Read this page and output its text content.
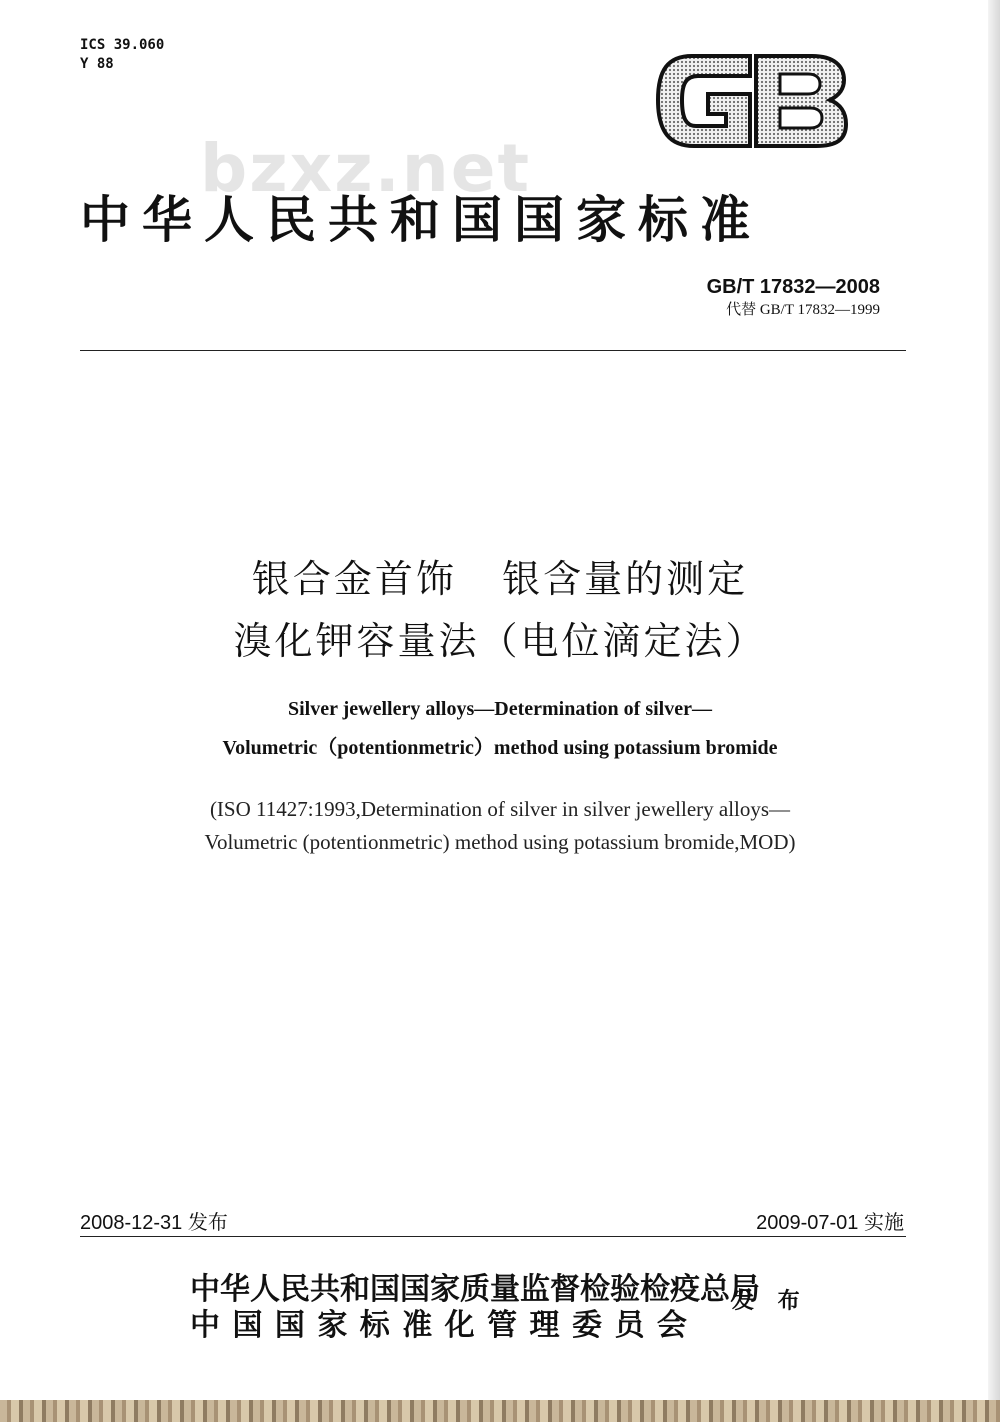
ICS 39.060
Y 88
GB
bzxz.net
中华人民共和国国家标准
GB/T 17832—2008
代替 GB/T 17832—1999
银合金首饰   银含量的测定
溴化钾容量法（电位滴定法）
Silver jewellery alloys—Determination of silver—
Volumetric（potentionmetric）method using potassium bromide
(ISO 11427:1993,Determination of silver in silver jewellery alloys—
Volumetric (potentionmetric) method using potassium bromide,MOD)
2008-12-31 发布	2009-07-01 实施
中华人民共和国国家质量监督检验检疫总局
中 国 国 家 标 准 化 管 理 委 员 会
发 布
